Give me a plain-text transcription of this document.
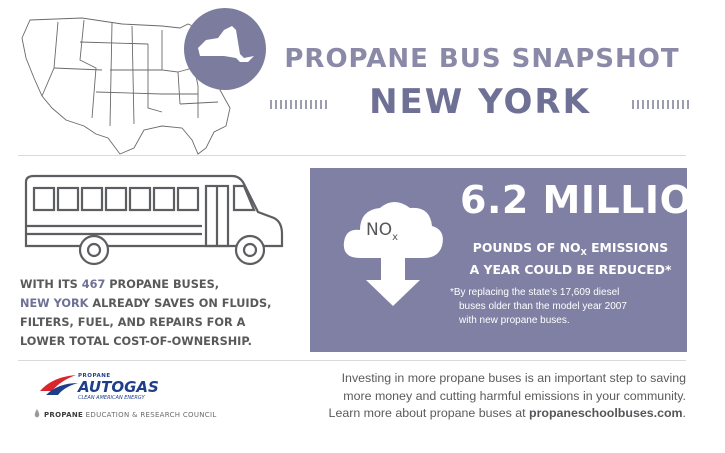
PROPANE BUS SNAPSHOT
NEW YORK
WITH ITS 467 PROPANE BUSES,
NEW YORK ALREADY SAVES ON FLUIDS,
FILTERS, FUEL, AND REPAIRS FOR A
LOWER TOTAL COST-OF-OWNERSHIP.
$NO_x$
6.2 MILLION
POUNDS OF $NO_X$ EMISSIONS
A YEAR COULD BE REDUCED*
*By replacing the state’s 17,609 diesel
buses older than the model year 2007
with new propane buses.
PROPANE
AUTOGAS
CLEAN AMERICAN ENERGY
PROPANE EDUCATION & RESEARCH COUNCIL
Investing in more propane buses is an important step to saving
more money and cutting harmful emissions in your community.
Learn more about propane buses at propaneschoolbuses.com.
